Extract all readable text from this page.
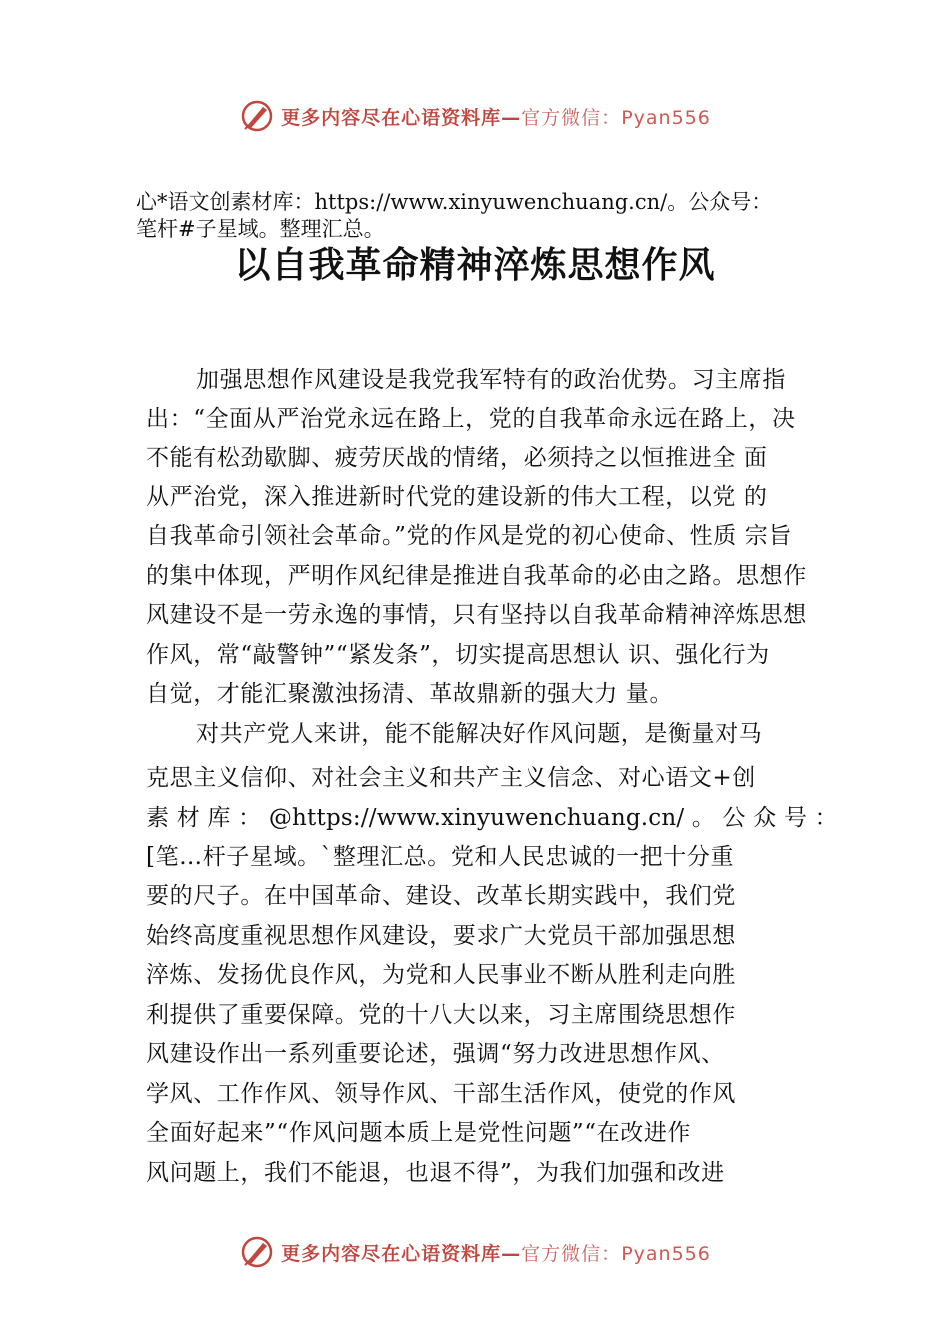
更多内容尽在心语资料库—官方微信：Pyan556
心*语文创素材库：https://www.xinyuwenchuang.cn/。公众号：
笔杆#子星域。整理汇总。
以自我革命精神淬炼思想作风
加强思想作风建设是我党我军特有的政治优势。习主席指
出：“全面从严治党永远在路上，党的自我革命永远在路上，决
不能有松劲歇脚、疲劳厌战的情绪，必须持之以恒推进全 面
从严治党，深入推进新时代党的建设新的伟大工程，以党 的
自我革命引领社会革命。”党的作风是党的初心使命、性质 宗旨
的集中体现，严明作风纪律是推进自我革命的必由之路。思想作
风建设不是一劳永逸的事情，只有坚持以自我革命精神淬炼思想
作风，常“敲警钟”“紧发条”，切实提高思想认 识、强化行为
自觉，才能汇聚激浊扬清、革故鼎新的强大力 量。
对共产党人来讲，能不能解决好作风问题，是衡量对马
克思主义信仰、对社会主义和共产主义信念、对心语文+创
素 材 库 ： @https://www.xinyuwenchuang.cn/ 。 公 众 号 ：
[笔…杆子星域。`整理汇总。党和人民忠诚的一把十分重
要的尺子。在中国革命、建设、改革长期实践中，我们党
始终高度重视思想作风建设，要求广大党员干部加强思想
淬炼、发扬优良作风，为党和人民事业不断从胜利走向胜
利提供了重要保障。党的十八大以来，习主席围绕思想作
风建设作出一系列重要论述，强调“努力改进思想作风、
学风、工作作风、领导作风、干部生活作风，使党的作风
全面好起来”“作风问题本质上是党性问题”“在改进作
风问题上，我们不能退，也退不得”，为我们加强和改进
更多内容尽在心语资料库—官方微信：Pyan556
